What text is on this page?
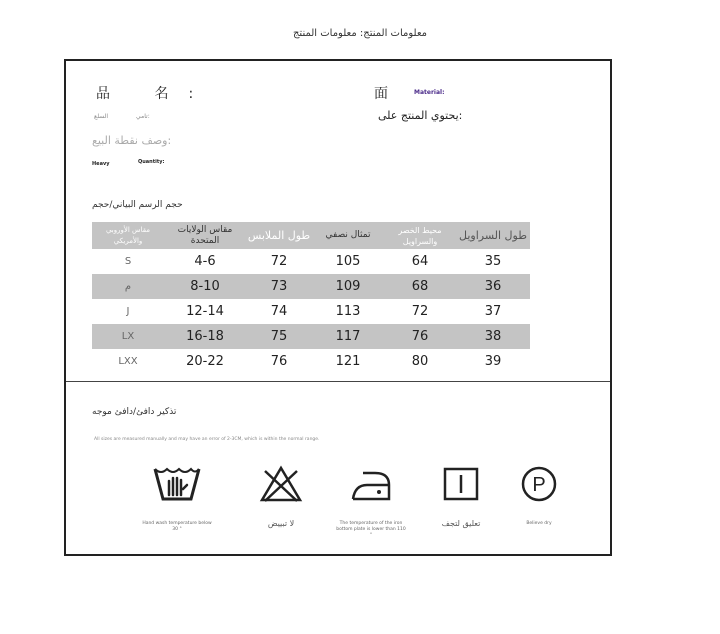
معلومات المنتج: معلومات المنتج
品 名:	面	Material:
يحتوي المنتج على:
السلع	تامي:
وصف نقطة البيع:
Heavy	Quantity:
حجم الرسم البياني/حجم
مقاس الأوروبي والأمريكي	مقاس الولايات المتحدة	طول الملابس	تمثال نصفي	محيط الخصر والسراويل	طول السراويل
S	4-6	72	105	64	35
م	8-10	73	109	68	36
J	12-14	74	113	72	37
LX	16-18	75	117	76	38
LXX	20-22	76	121	80	39
تذكير دافئ/دافئ موجه
All sizes are measured manually and may have an error of 2-3CM, which is within the normal range.
Hand wash temperature below 30 °
لا تبييض	The temperature of the iron bottom plate is lower than 110 °
تعليق لتجف
P
Believe dry
